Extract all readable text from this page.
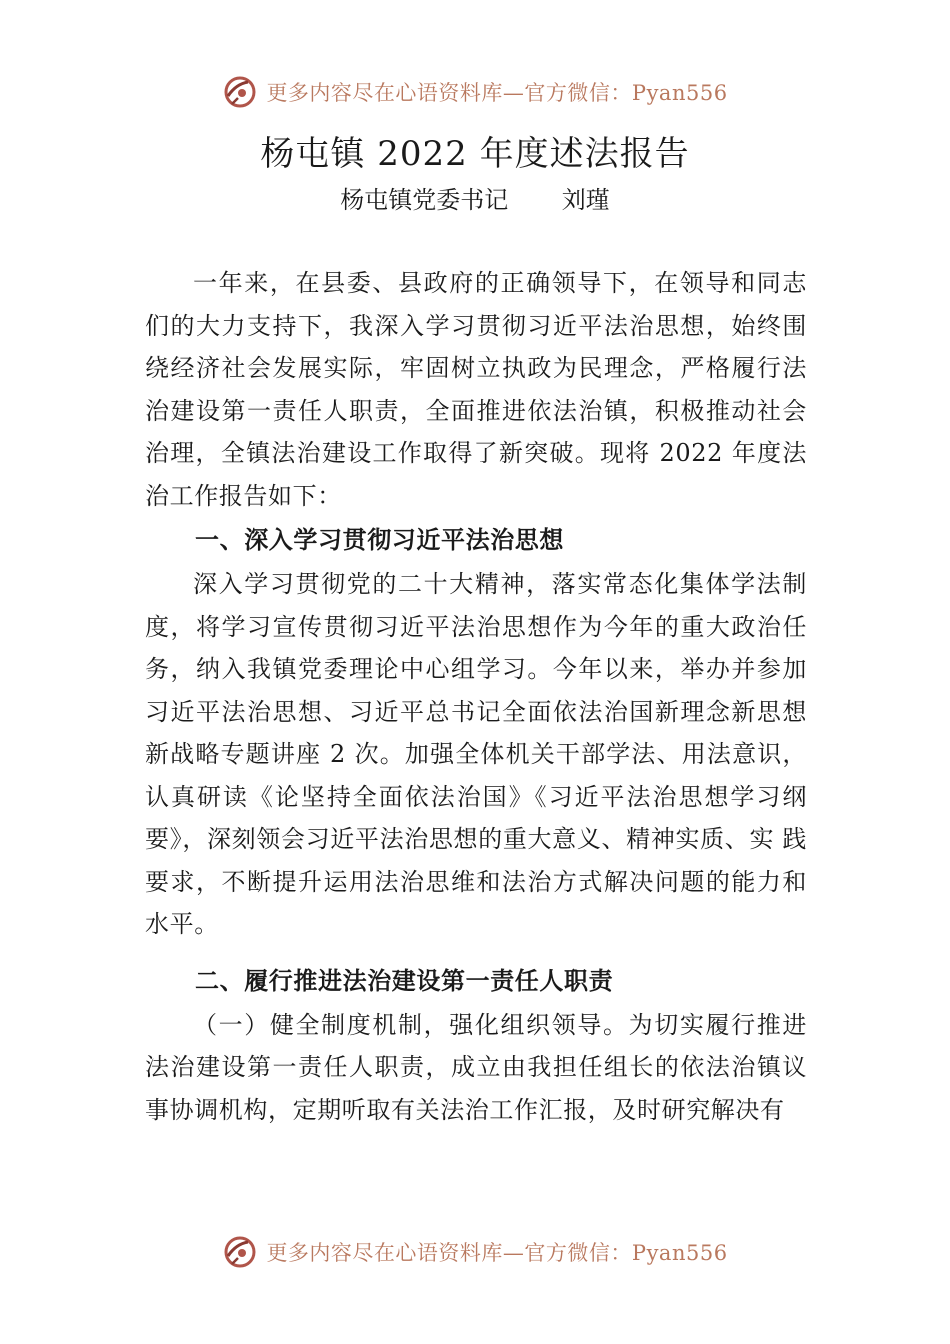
更多内容尽在心语资料库—官方微信：Pyan556
杨屯镇 2022 年度述法报告
杨屯镇党委书记       刘瑾

一年来，在县委、县政府的正确领导下，在领导和同志们的大力支持下，我深入学习贯彻习近平法治思想，始终围绕经济社会发展实际，牢固树立执政为民理念，严格履行法治建设第一责任人职责，全面推进依法治镇，积极推动社会治理，全镇法治建设工作取得了新突破。现将 2022 年度法治工作报告如下：

一、深入学习贯彻习近平法治思想

深入学习贯彻党的二十大精神，落实常态化集体学法制度，将学习宣传贯彻习近平法治思想作为今年的重大政治任务，纳入我镇党委理论中心组学习。今年以来，举办并参加习近平法治思想、习近平总书记全面依法治国新理念新思想新战略专题讲座 2 次。加强全体机关干部学法、用法意识，认真研读《论坚持全面依法治国》《习近平法治思想学习纲要》，深刻领会习近平法治思想的重大意义、精神实质、实 践要求，不断提升运用法治思维和法治方式解决问题的能力和水平。

二、履行推进法治建设第一责任人职责

（一）健全制度机制，强化组织领导。为切实履行推进法治建设第一责任人职责，成立由我担任组长的依法治镇议事协调机构，定期听取有关法治工作汇报，及时研究解决有

更多内容尽在心语资料库—官方微信：Pyan556
